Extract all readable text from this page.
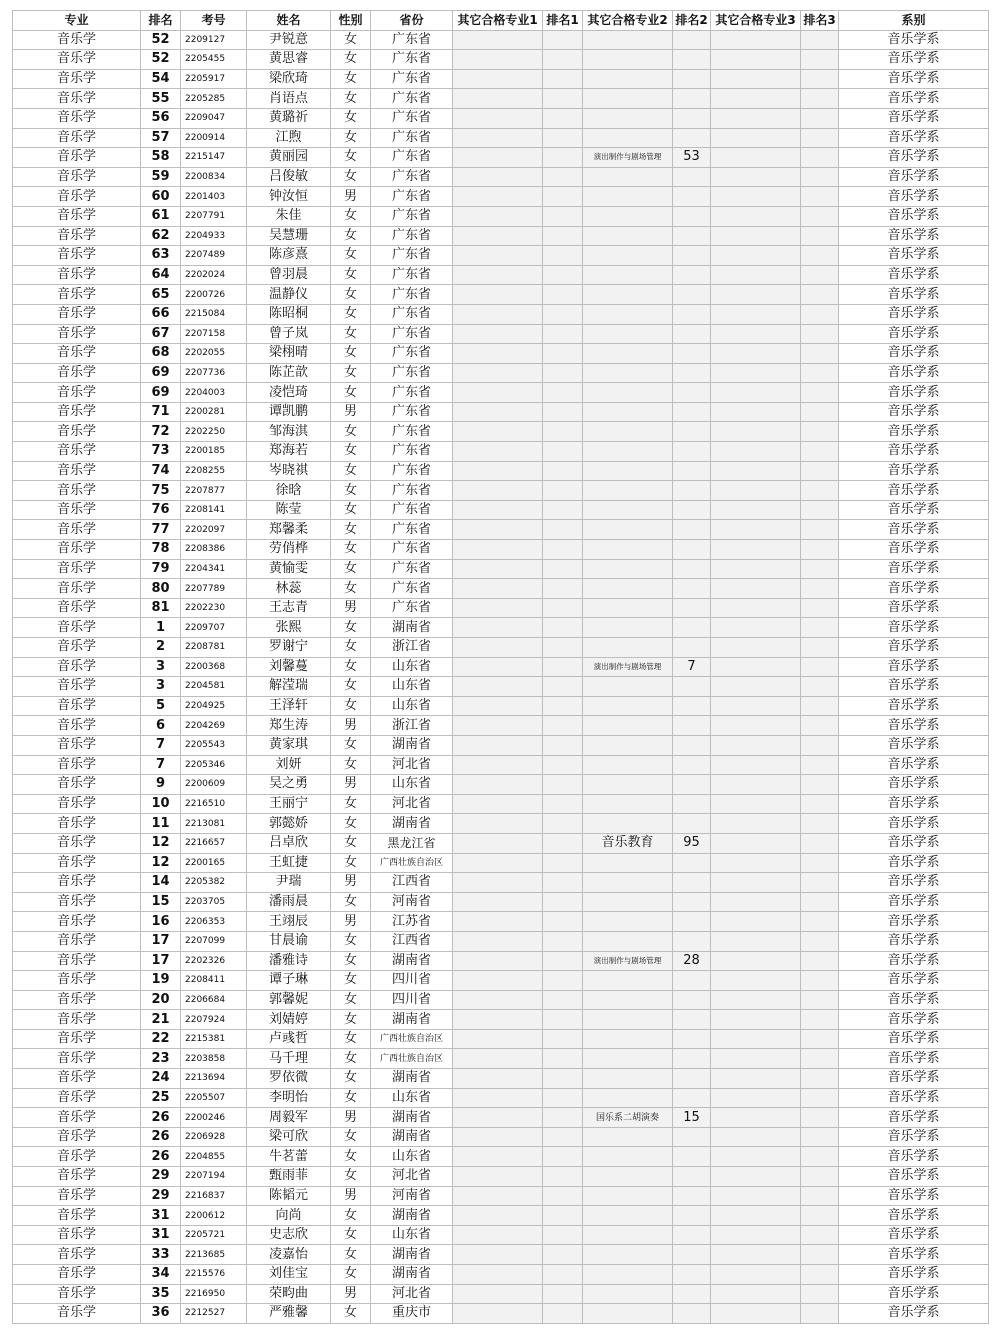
专业	排名	考号	姓名	性别	省份	其它合格专业1	排名1	其它合格专业2	排名2	其它合格专业3	排名3	系别
音乐学	52	2209127	尹锐意	女	广东省							音乐学系
音乐学	52	2205455	黄思睿	女	广东省							音乐学系
音乐学	54	2205917	梁欣琦	女	广东省							音乐学系
音乐学	55	2205285	肖语点	女	广东省							音乐学系
音乐学	56	2209047	黄璐祈	女	广东省							音乐学系
音乐学	57	2200914	江煦	女	广东省							音乐学系
音乐学	58	2215147	黄丽园	女	广东省			演出制作与剧场管理	53			音乐学系
音乐学	59	2200834	吕俊敏	女	广东省							音乐学系
音乐学	60	2201403	钟汝恒	男	广东省							音乐学系
音乐学	61	2207791	朱佳	女	广东省							音乐学系
音乐学	62	2204933	吴慧珊	女	广东省							音乐学系
音乐学	63	2207489	陈彦熹	女	广东省							音乐学系
音乐学	64	2202024	曾羽晨	女	广东省							音乐学系
音乐学	65	2200726	温静仪	女	广东省							音乐学系
音乐学	66	2215084	陈昭桐	女	广东省							音乐学系
音乐学	67	2207158	曾子岚	女	广东省							音乐学系
音乐学	68	2202055	梁栩晴	女	广东省							音乐学系
音乐学	69	2207736	陈芷歆	女	广东省							音乐学系
音乐学	69	2204003	凌恺琦	女	广东省							音乐学系
音乐学	71	2200281	谭凯鹏	男	广东省							音乐学系
音乐学	72	2202250	邹海淇	女	广东省							音乐学系
音乐学	73	2200185	郑海若	女	广东省							音乐学系
音乐学	74	2208255	岑晓祺	女	广东省							音乐学系
音乐学	75	2207877	徐晗	女	广东省							音乐学系
音乐学	76	2208141	陈莹	女	广东省							音乐学系
音乐学	77	2202097	郑馨柔	女	广东省							音乐学系
音乐学	78	2208386	劳俏桦	女	广东省							音乐学系
音乐学	79	2204341	黄愉雯	女	广东省							音乐学系
音乐学	80	2207789	林蕊	女	广东省							音乐学系
音乐学	81	2202230	王志青	男	广东省							音乐学系
音乐学	1	2209707	张熙	女	湖南省							音乐学系
音乐学	2	2208781	罗谢宁	女	浙江省							音乐学系
音乐学	3	2200368	刘馨蔓	女	山东省			演出制作与剧场管理	7			音乐学系
音乐学	3	2204581	解滢瑞	女	山东省							音乐学系
音乐学	5	2204925	王泽轩	女	山东省							音乐学系
音乐学	6	2204269	郑生涛	男	浙江省							音乐学系
音乐学	7	2205543	黄家琪	女	湖南省							音乐学系
音乐学	7	2205346	刘妍	女	河北省							音乐学系
音乐学	9	2200609	吴之勇	男	山东省							音乐学系
音乐学	10	2216510	王丽宁	女	河北省							音乐学系
音乐学	11	2213081	郭懿娇	女	湖南省							音乐学系
音乐学	12	2216657	吕卓欣	女	黑龙江省			音乐教育	95			音乐学系
音乐学	12	2200165	王虹捷	女	广西壮族自治区							音乐学系
音乐学	14	2205382	尹瑞	男	江西省							音乐学系
音乐学	15	2203705	潘雨晨	女	河南省							音乐学系
音乐学	16	2206353	王翊辰	男	江苏省							音乐学系
音乐学	17	2207099	甘晨谕	女	江西省							音乐学系
音乐学	17	2202326	潘雅诗	女	湖南省			演出制作与剧场管理	28			音乐学系
音乐学	19	2208411	谭子琳	女	四川省							音乐学系
音乐学	20	2206684	郭馨妮	女	四川省							音乐学系
音乐学	21	2207924	刘婧婷	女	湖南省							音乐学系
音乐学	22	2215381	卢彧哲	女	广西壮族自治区							音乐学系
音乐学	23	2203858	马千理	女	广西壮族自治区							音乐学系
音乐学	24	2213694	罗依微	女	湖南省							音乐学系
音乐学	25	2205507	李明怡	女	山东省							音乐学系
音乐学	26	2200246	周毅军	男	湖南省			国乐系二胡演奏	15			音乐学系
音乐学	26	2206928	梁可欣	女	湖南省							音乐学系
音乐学	26	2204855	牛茗蕾	女	山东省							音乐学系
音乐学	29	2207194	甄雨菲	女	河北省							音乐学系
音乐学	29	2216837	陈韬元	男	河南省							音乐学系
音乐学	31	2200612	向尚	女	湖南省							音乐学系
音乐学	31	2205721	史志欣	女	山东省							音乐学系
音乐学	33	2213685	凌嘉怡	女	湖南省							音乐学系
音乐学	34	2215576	刘佳宝	女	湖南省							音乐学系
音乐学	35	2216950	荣畇曲	男	河北省							音乐学系
音乐学	36	2212527	严雅馨	女	重庆市							音乐学系
